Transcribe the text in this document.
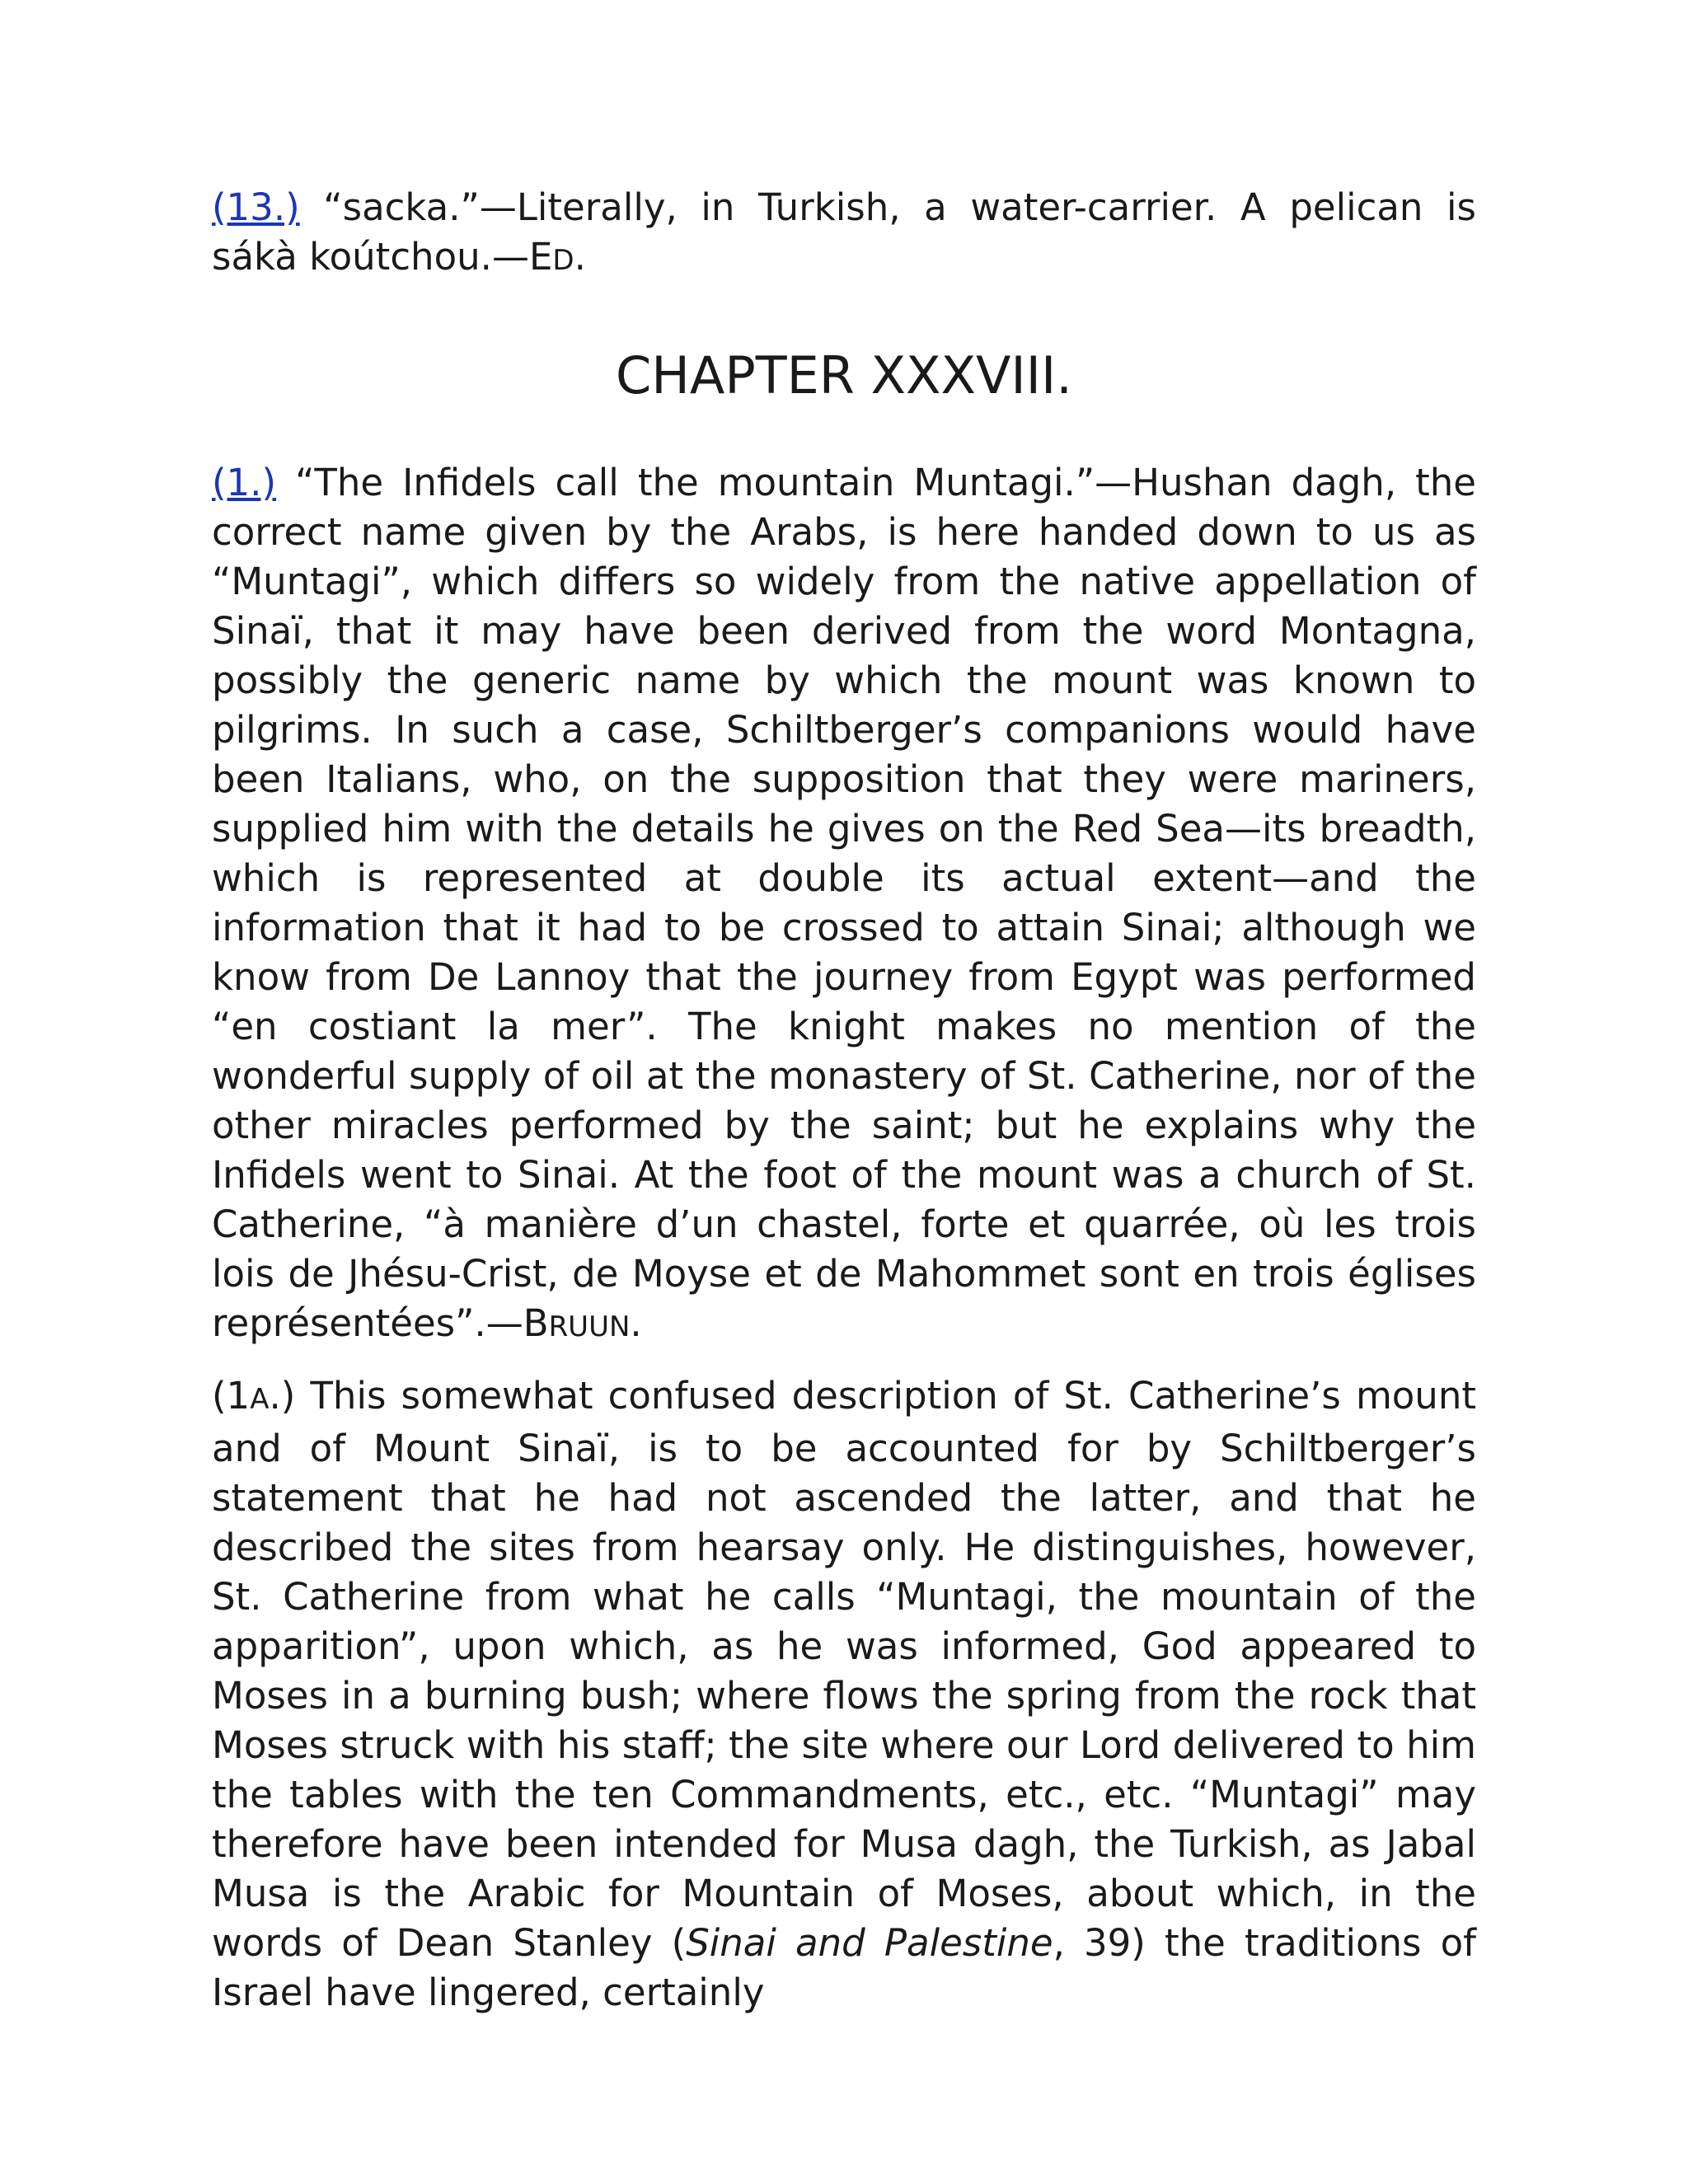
(13.) “sacka.”—Literally, in Turkish, a water-carrier. A pelican is sákà koútchou.—ED.

CHAPTER XXXVIII.

(1.) “The Infidels call the mountain Muntagi.”—Hushan dagh, the correct name given by the Arabs, is here handed down to us as “Muntagi”, which differs so widely from the native appellation of Sinaï, that it may have been derived from the word Montagna, possibly the generic name by which the mount was known to pilgrims. In such a case, Schiltberger’s companions would have been Italians, who, on the supposition that they were mariners, supplied him with the details he gives on the Red Sea—its breadth, which is represented at double its actual extent—and the information that it had to be crossed to attain Sinai; although we know from De Lannoy that the journey from Egypt was performed “en costiant la mer”. The knight makes no mention of the wonderful supply of oil at the monastery of St. Catherine, nor of the other miracles performed by the saint; but he explains why the Infidels went to Sinai. At the foot of the mount was a church of St. Catherine, “à manière d’un chastel, forte et quarrée, où les trois lois de Jhésu-Crist, de Moyse et de Mahommet sont en trois églises représentées”.—BRUUN.

(1A.) This somewhat confused description of St. Catherine’s mount and of Mount Sinaï, is to be accounted for by Schiltberger’s statement that he had not ascended the latter, and that he described the sites from hearsay only. He distinguishes, however, St. Catherine from what he calls “Muntagi, the mountain of the apparition”, upon which, as he was informed, God appeared to Moses in a burning bush; where flows the spring from the rock that Moses struck with his staff; the site where our Lord delivered to him the tables with the ten Commandments, etc., etc. “Muntagi” may therefore have been intended for Musa dagh, the Turkish, as Jabal Musa is the Arabic for Mountain of Moses, about which, in the words of Dean Stanley (Sinai and Palestine, 39) the traditions of Israel have lingered, certainly
